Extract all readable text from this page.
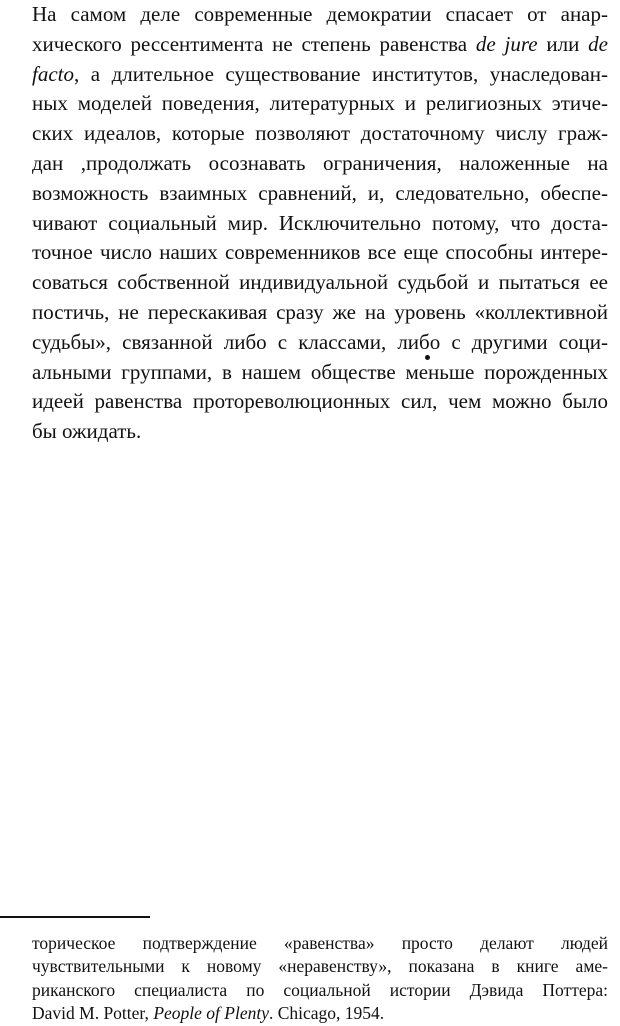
На самом деле современные демократии спасает от анар-
хического рессентимента не степень равенства de jure или de
facto, а длительное существование институтов, унаследован-
ных моделей поведения, литературных и религиозных этиче-
ских идеалов, которые позволяют достаточному числу граж-
дан ,продолжать осознавать ограничения, наложенные на
возможность взаимных сравнений, и, следовательно, обеспе-
чивают социальный мир. Исключительно потому, что доста-
точное число наших современников все еще способны интере-
соваться собственной индивидуальной судьбой и пытаться ее
постичь, не перескакивая сразу же на уровень «коллективной
судьбы», связанной либо с классами, либо с другими соци-
альными группами, в нашем обществе меньше порожденных
идеей равенства протореволюционных сил, чем можно было
бы ожидать.
торическое подтверждение «равенства» просто делают людей
чувствительными к новому «неравенству», показана в книге аме-
риканского специалиста по социальной истории Дэвида Поттера:
David M. Potter, People of Plenty. Chicago, 1954.
